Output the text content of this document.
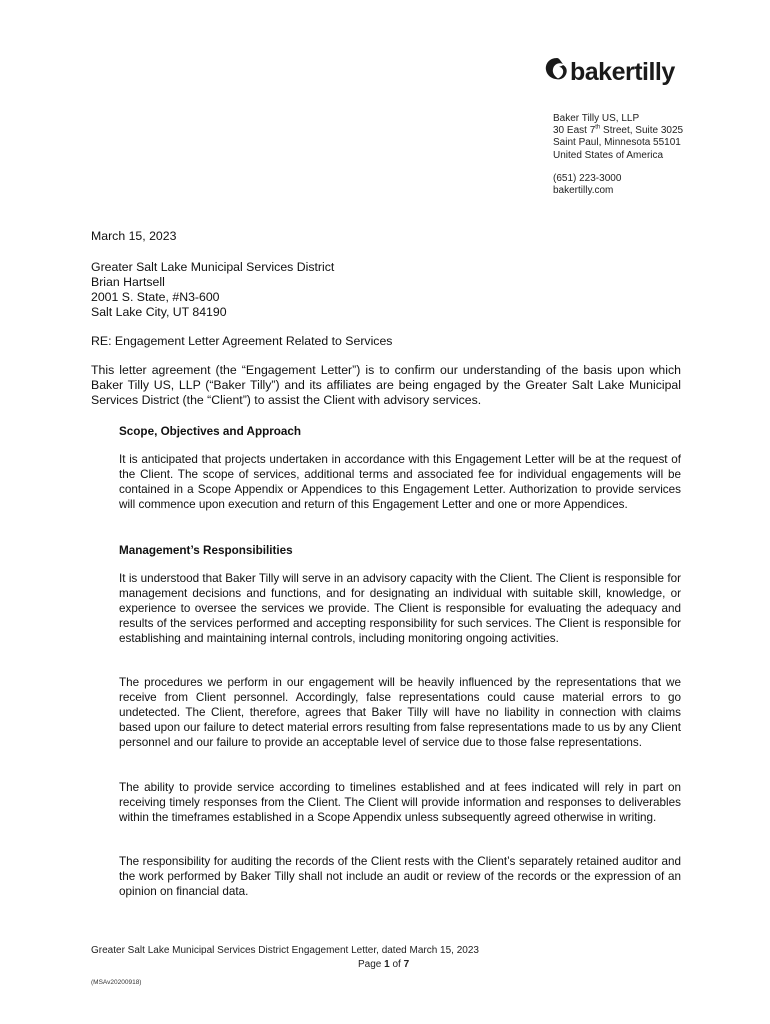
bakertilly
Baker Tilly US, LLP
30 East 7th Street, Suite 3025
Saint Paul, Minnesota 55101
United States of America
(651) 223-3000
bakertilly.com
March 15, 2023
Greater Salt Lake Municipal Services District
Brian Hartsell
2001 S. State, #N3-600
Salt Lake City, UT 84190
RE: Engagement Letter Agreement Related to Services
This letter agreement (the “Engagement Letter”) is to confirm our understanding of the basis upon which Baker Tilly US, LLP (“Baker Tilly”) and its affiliates are being engaged by the Greater Salt Lake Municipal Services District (the “Client”) to assist the Client with advisory services.
Scope, Objectives and Approach
It is anticipated that projects undertaken in accordance with this Engagement Letter will be at the request of the Client. The scope of services, additional terms and associated fee for individual engagements will be contained in a Scope Appendix or Appendices to this Engagement Letter. Authorization to provide services will commence upon execution and return of this Engagement Letter and one or more Appendices.
Management’s Responsibilities
It is understood that Baker Tilly will serve in an advisory capacity with the Client. The Client is responsible for management decisions and functions, and for designating an individual with suitable skill, knowledge, or experience to oversee the services we provide. The Client is responsible for evaluating the adequacy and results of the services performed and accepting responsibility for such services. The Client is responsible for establishing and maintaining internal controls, including monitoring ongoing activities.
The procedures we perform in our engagement will be heavily influenced by the representations that we receive from Client personnel. Accordingly, false representations could cause material errors to go undetected. The Client, therefore, agrees that Baker Tilly will have no liability in connection with claims based upon our failure to detect material errors resulting from false representations made to us by any Client personnel and our failure to provide an acceptable level of service due to those false representations.
The ability to provide service according to timelines established and at fees indicated will rely in part on receiving timely responses from the Client. The Client will provide information and responses to deliverables within the timeframes established in a Scope Appendix unless subsequently agreed otherwise in writing.
The responsibility for auditing the records of the Client rests with the Client’s separately retained auditor and the work performed by Baker Tilly shall not include an audit or review of the records or the expression of an opinion on financial data.
Greater Salt Lake Municipal Services District Engagement Letter, dated March 15, 2023
Page 1 of 7
(MSAv20200918)
